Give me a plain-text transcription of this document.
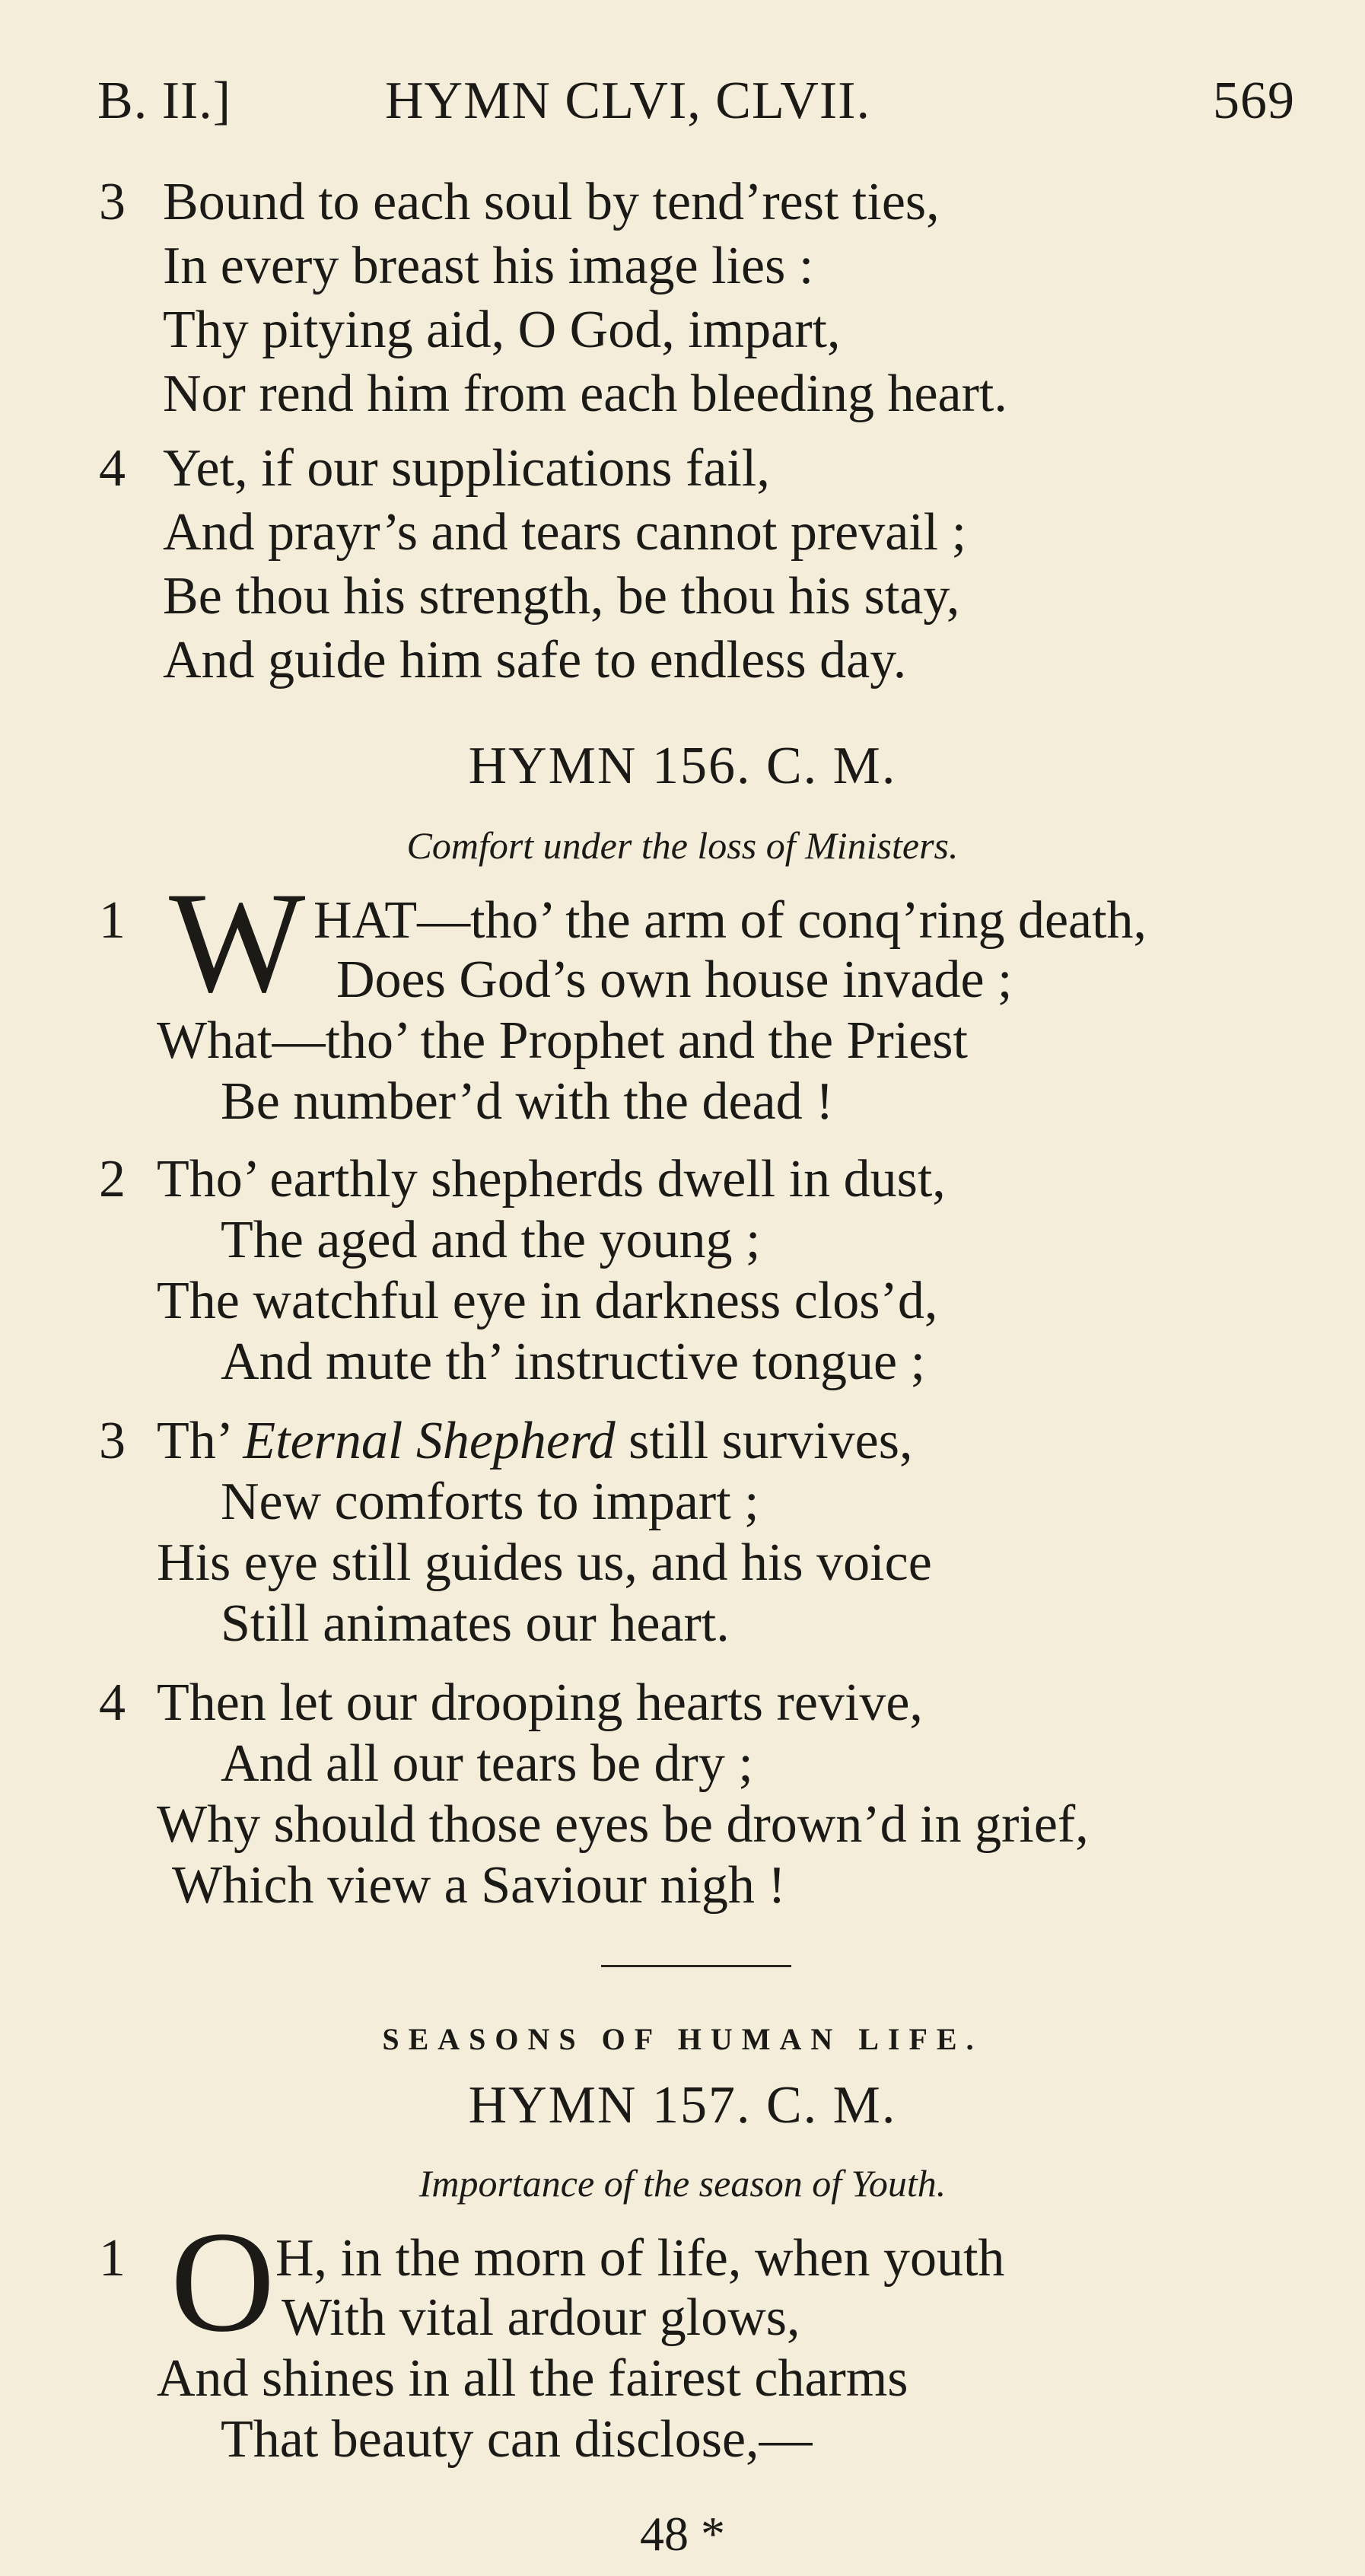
B. II.]	HYMN CLVI, CLVII.	569
3 Bound to each soul by tend’rest ties,
In every breast his image lies :
Thy pitying aid, O God, impart,
Nor rend him from each bleeding heart.
4 Yet, if our supplications fail,
And prayr’s and tears cannot prevail ;
Be thou his strength, be thou his stay,
And guide him safe to endless day.
HYMN 156. C. M.
Comfort under the loss of Ministers.
1 W HAT—tho’ the arm of conq’ring death,
Does God’s own house invade ;
What—tho’ the Prophet and the Priest
Be number’d with the dead !
2 Tho’ earthly shepherds dwell in dust,
The aged and the young ;
The watchful eye in darkness clos’d,
And mute th’ instructive tongue ;
3 Th’ Eternal Shepherd still survives,
New comforts to impart ;
His eye still guides us, and his voice
Still animates our heart.
4 Then let our drooping hearts revive,
And all our tears be dry ;
Why should those eyes be drown’d in grief,
Which view a Saviour nigh !
SEASONS OF HUMAN LIFE.
HYMN 157. C. M.
Importance of the season of Youth.
1 O H, in the morn of life, when youth
With vital ardour glows,
And shines in all the fairest charms
That beauty can disclose,—
48 *
